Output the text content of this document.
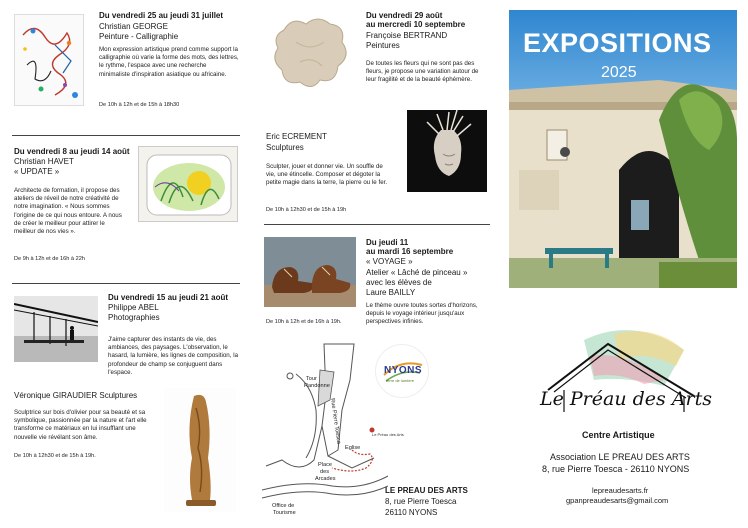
Du vendredi 25 au jeudi 31 juillet
Christian GEORGE
Peinture - Calligraphie
Mon expression artistique prend comme support la calligraphie où varie la forme des mots, des lettres, le rythme, l'espace avec une recherche minimaliste d'inspiration asiatique ou africaine.
De 10h à 12h et de 15h à 18h30
Du vendredi 8 au jeudi 14 août
Christian HAVET
« UPDATE »
Architecte de formation, il propose des ateliers de réveil de notre créativité de notre imagination. « Nous sommes l'origine de ce qui nous entoure. A nous de créer le meilleur pour attirer le meilleur de nos vies ».
De 9h à 12h et de 16h à 22h
Du vendredi 15 au jeudi 21 août
Philippe ABEL
Photographies
J'aime capturer des instants de vie, des ambiances, des paysages. L'observation, le hasard, la lumière, les lignes de composition, la profondeur de champ se conjuguent dans l'espace.
Véronique GIRAUDIER Sculptures
Sculptrice sur bois d'olivier pour sa beauté et sa symbolique, passionnée par la nature et l'art elle transforme ce matériaux en lui insufflant une nouvelle vie révélant son âme.
De 10h à 12h30 et de 15h à 19h.
Du vendredi 29 août
au mercredi 10 septembre
Françoise BERTRAND
Peintures
De toutes les fleurs qui ne sont pas des fleurs, je propose une variation autour de leur fragilité et de la beauté éphémère.
Eric ECREMENT
Sculptures
Sculpter, jouer et donner vie. Un souffle de vie, une étincelle. Composer et dégoter la petite magie dans la terre, la pierre ou le fer.
De 10h à 12h30 et de 15h à 19h
Du jeudi 11
au mardi 16 septembre
« VOYAGE »
Atelier « Lâché de pinceau »
avec les élèves de
Laure BAILLY
Le thème ouvre toutes sortes d'horizons, depuis le voyage intérieur jusqu'aux perspectives infinies.
De 10h à 12h et de 16h à 19h.
Tour
Randonne
Rue Pierre Toesca
Eglise
Place
des
Arcades
Office de
Tourisme
Le Préau des Arts
NYONS
terre de lumière
LE PREAU DES ARTS
8, rue Pierre Toesca
26110 NYONS
EXPOSITIONS
2025
Le Préau des Arts
Centre Artistique
Association LE PREAU DES ARTS
8, rue Pierre Toesca - 26110 NYONS
lepreaudesarts.fr
gpanpreaudesarts@gmail.com
